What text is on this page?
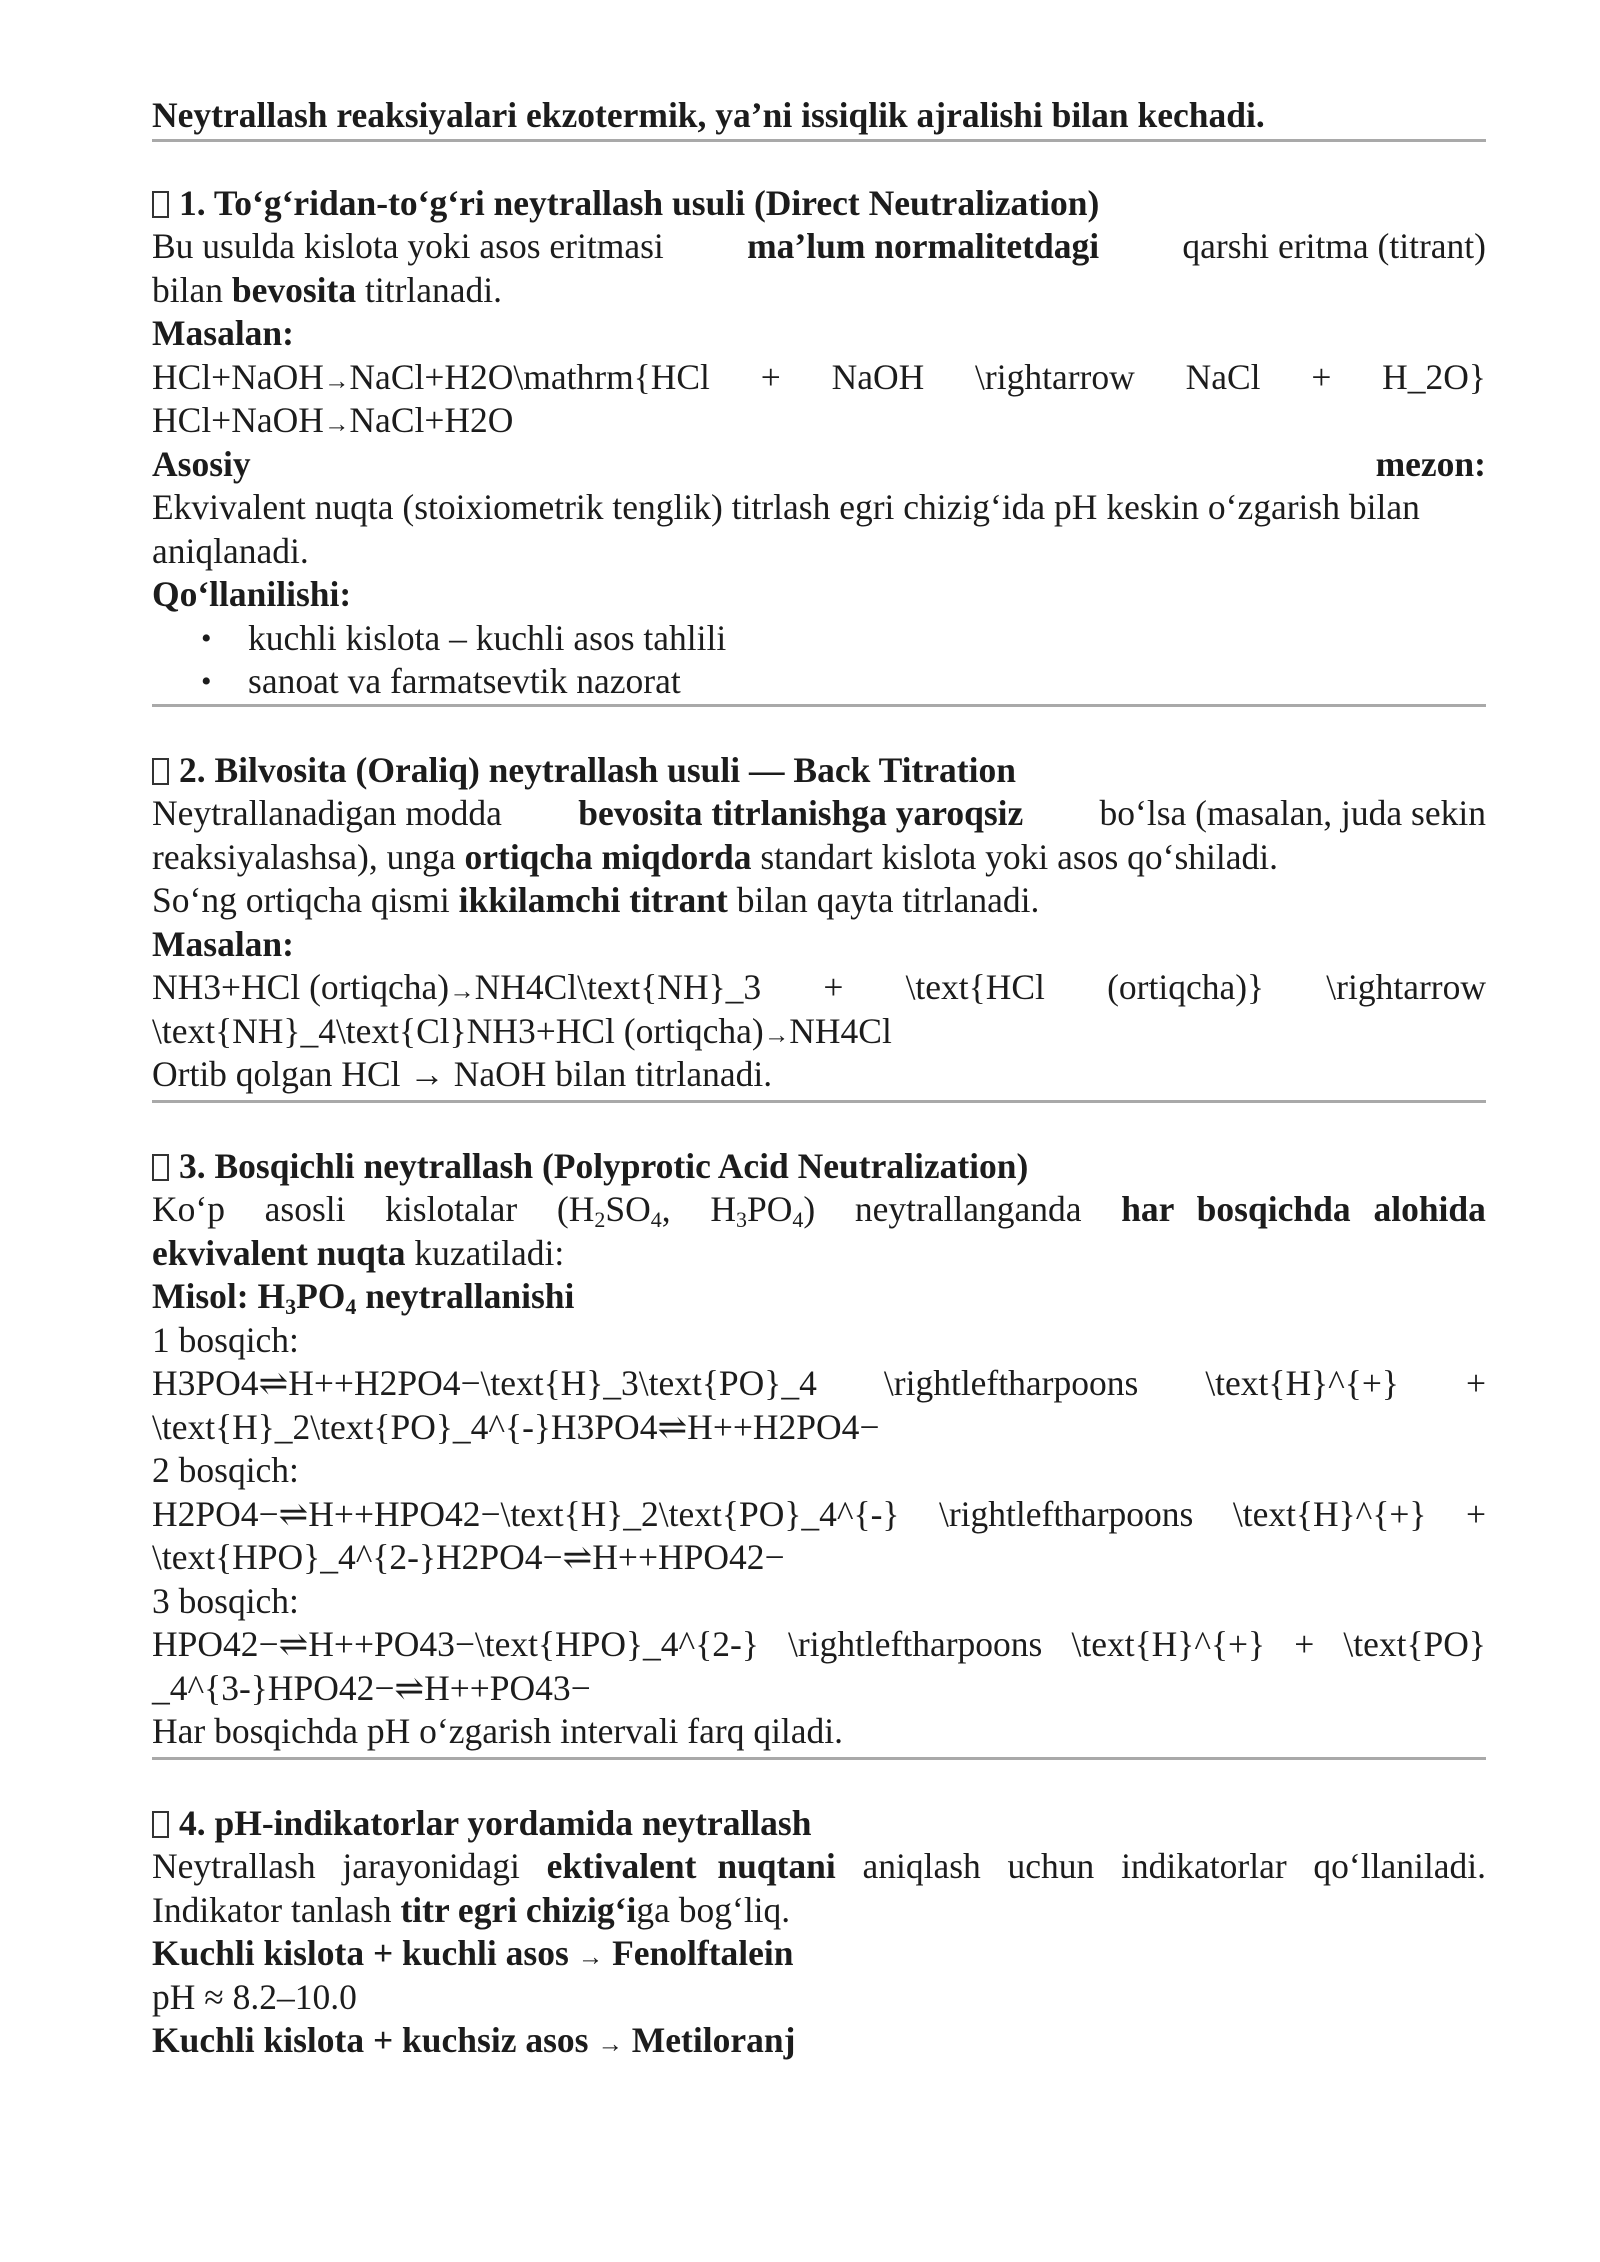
Neytrallash reaksiyalari ekzotermik, ya’ni issiqlik ajralishi bilan kechadi.
1. To‘g‘ridan-to‘g‘ri neytrallash usuli (Direct Neutralization)
Bu usulda kislota yoki asos eritmasi ma’lum normalitetdagi qarshi eritma (titrant)
bilan bevosita titrlanadi.
Masalan:
HCl+NaOH→NaCl+H2O\mathrm{HCl + NaOH \rightarrow NaCl + H_2O}
HCl+NaOH→NaCl+H2O
Asosiy	mezon:
Ekvivalent nuqta (stoixiometrik tenglik) titrlash egri chizig‘ida pH keskin o‘zgarish bilan
aniqlanadi.
Qo‘llanilishi:
• kuchli kislota – kuchli asos tahlili
• sanoat va farmatsevtik nazorat
2. Bilvosita (Oraliq) neytrallash usuli — Back Titration
Neytrallanadigan modda bevosita titrlanishga yaroqsiz bo‘lsa (masalan, juda sekin
reaksiyalashsa), unga ortiqcha miqdorda standart kislota yoki asos qo‘shiladi.
So‘ng ortiqcha qismi ikkilamchi titrant bilan qayta titrlanadi.
Masalan:
NH3+HCl (ortiqcha)→NH4Cl\text{NH}_3 + \text{HCl (ortiqcha)} \rightarrow
\text{NH}_4\text{Cl}NH3+HCl (ortiqcha)→NH4Cl
Ortib qolgan HCl → NaOH bilan titrlanadi.
3. Bosqichli neytrallash (Polyprotic Acid Neutralization)
Ko‘p asosli kislotalar ($H_2SO_4$, $H_3PO_4$) neytrallanganda har bosqichda alohida
ekvivalent nuqta kuzatiladi:
Misol: $H_3PO_4$ neytrallanishi
1 bosqich:
H3PO4⇌H++H2PO4−\text{H}_3\text{PO}_4 \rightleftharpoons \text{H}^{+} +
\text{H}_2\text{PO}_4^{-}H3PO4⇌H++H2PO4−
2 bosqich:
H2PO4−⇌H++HPO42−\text{H}_2\text{PO}_4^{-} \rightleftharpoons \text{H}^{+} +
\text{HPO}_4^{2-}H2PO4−⇌H++HPO42−
3 bosqich:
HPO42−⇌H++PO43−\text{HPO}_4^{2-} \rightleftharpoons \text{H}^{+} + \text{PO}
_4^{3-}HPO42−⇌H++PO43−
Har bosqichda pH o‘zgarish intervali farq qiladi.
4. pH-indikatorlar yordamida neytrallash
Neytrallash jarayonidagi ektivalent nuqtani aniqlash uchun indikatorlar qo‘llaniladi.
Indikator tanlash titr egri chizig‘iga bog‘liq.
Kuchli kislota + kuchli asos → Fenolftalein
pH ≈ 8.2–10.0
Kuchli kislota + kuchsiz asos → Metiloranj
